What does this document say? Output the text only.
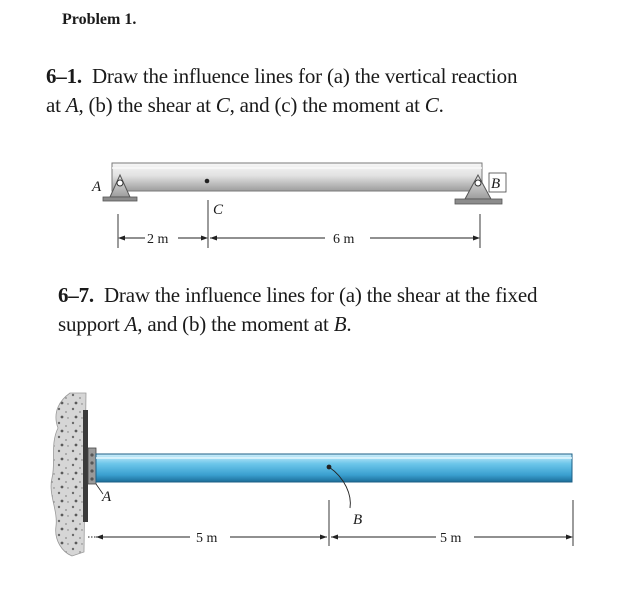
Problem 1.
6–1. Draw the influence lines for (a) the vertical reaction
at A, (b) the shear at C, and (c) the moment at C.
6–7. Draw the influence lines for (a) the shear at the fixed
support A, and (b) the moment at B.
A	B
C
2 m	6 m
A
B
5 m	5 m
